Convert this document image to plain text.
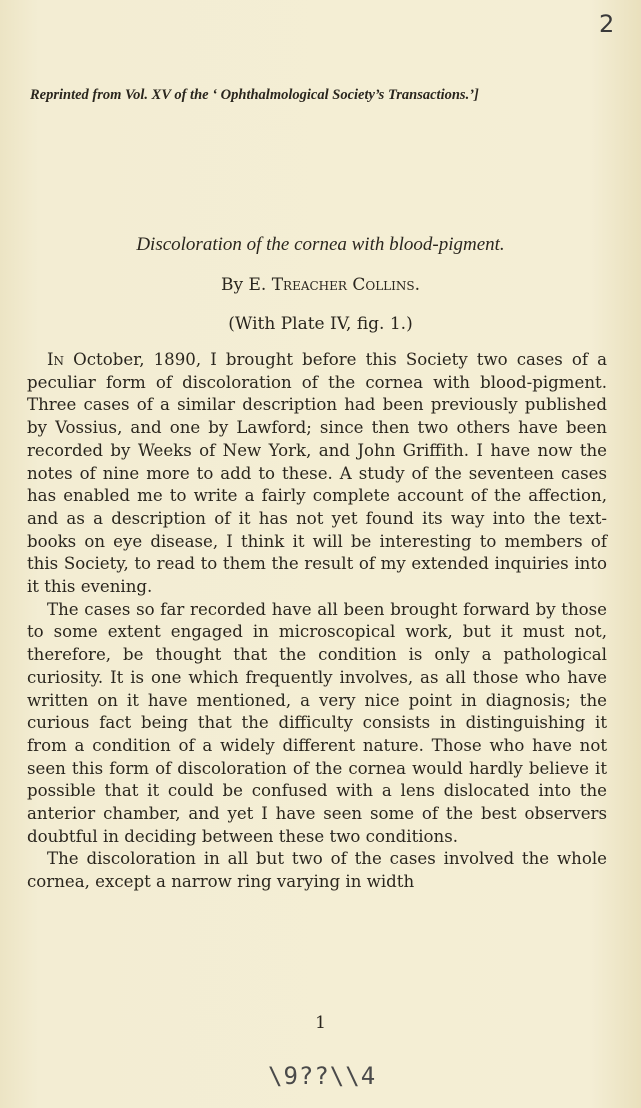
2
Reprinted from Vol. XV of the ‘ Ophthalmological Society’s Transactions.’]
Discoloration of the cornea with blood-pigment.
By E. Treacher Collins.
(With Plate IV, fig. 1.)

In October, 1890, I brought before this Society two cases of a peculiar form of discoloration of the cornea with blood-pigment. Three cases of a similar description had been previously published by Vossius, and one by Lawford; since then two others have been recorded by Weeks of New York, and John Griffith. I have now the notes of nine more to add to these. A study of the seventeen cases has enabled me to write a fairly complete account of the affection, and as a description of it has not yet found its way into the text-books on eye disease, I think it will be interesting to members of this Society, to read to them the result of my extended inquiries into it this evening.

The cases so far recorded have all been brought forward by those to some extent engaged in microscopical work, but it must not, therefore, be thought that the condition is only a pathological curiosity. It is one which frequently involves, as all those who have written on it have mentioned, a very nice point in diagnosis; the curious fact being that the difficulty consists in distinguishing it from a condition of a widely different nature. Those who have not seen this form of discoloration of the cornea would hardly believe it possible that it could be confused with a lens dislocated into the anterior chamber, and yet I have seen some of the best observers doubtful in deciding between these two conditions.

The discoloration in all but two of the cases involved the whole cornea, except a narrow ring varying in width

1
\9??\\4
